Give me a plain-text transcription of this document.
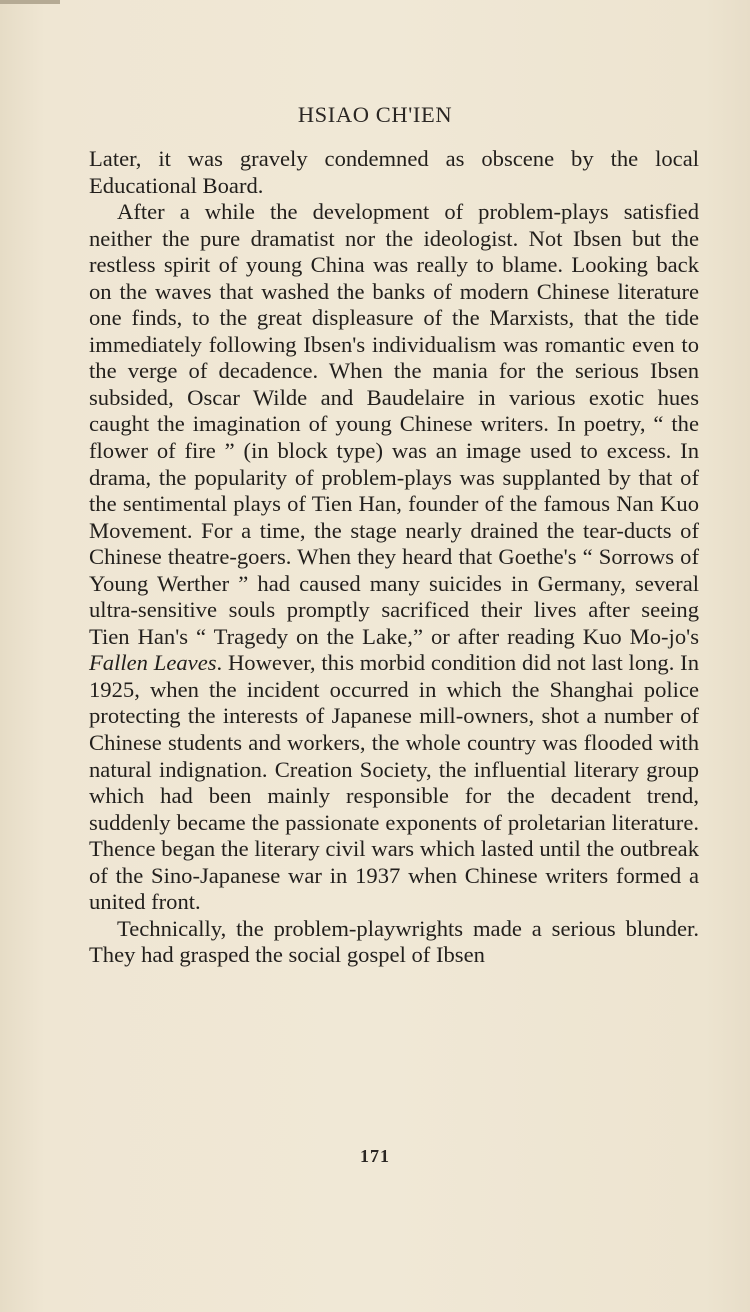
HSIAO CH'IEN

Later, it was gravely condemned as obscene by the local Educational Board.

After a while the development of problem-plays satisfied neither the pure dramatist nor the ideologist. Not Ibsen but the restless spirit of young China was really to blame. Looking back on the waves that washed the banks of modern Chinese literature one finds, to the great displeasure of the Marxists, that the tide immediately following Ibsen's individualism was romantic even to the verge of decadence. When the mania for the serious Ibsen subsided, Oscar Wilde and Baudelaire in various exotic hues caught the imagination of young Chinese writers. In poetry, “ the flower of fire ” (in block type) was an image used to excess. In drama, the popularity of problem-plays was supplanted by that of the sentimental plays of Tien Han, founder of the famous Nan Kuo Movement. For a time, the stage nearly drained the tear-ducts of Chinese theatre-goers. When they heard that Goethe's “ Sorrows of Young Werther ” had caused many suicides in Germany, several ultra-sensitive souls promptly sacrificed their lives after seeing Tien Han's “ Tragedy on the Lake,” or after reading Kuo Mo-jo's Fallen Leaves. However, this morbid condition did not last long. In 1925, when the incident occurred in which the Shanghai police protecting the interests of Japanese mill-owners, shot a number of Chinese students and workers, the whole country was flooded with natural indignation. Creation Society, the influential literary group which had been mainly responsible for the decadent trend, suddenly became the passionate exponents of proletarian literature. Thence began the literary civil wars which lasted until the outbreak of the Sino-Japanese war in 1937 when Chinese writers formed a united front.

Technically, the problem-playwrights made a serious blunder. They had grasped the social gospel of Ibsen

171
